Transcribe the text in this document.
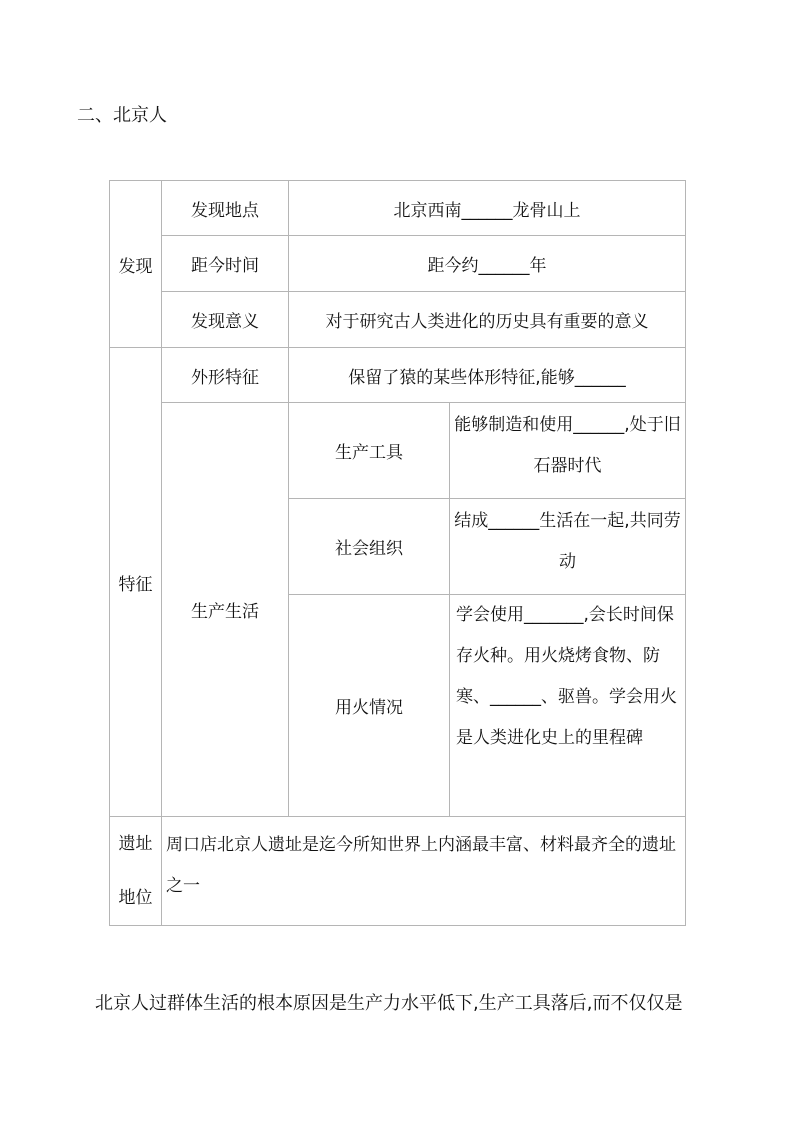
二、北京人
发现	发现地点	北京西南______龙骨山上	
	距今时间	距今约______年	
	发现意义	对于研究古人类进化的历史具有重要的意义	
特征	外形特征	保留了猿的某些体形特征,能够______	
	生产生活	生产工具	能够制造和使用______,处于旧石器时代
		社会组织	结成______生活在一起,共同劳动
		用火情况	学会使用_______,会长时间保存火种。用火烧烤食物、防寒、______、驱兽。学会用火是人类进化史上的里程碑
遗址
地位	周口店北京人遗址是迄今所知世界上内涵最丰富、材料最齐全的遗址之一		
北京人过群体生活的根本原因是生产力水平低下,生产工具落后,而不仅仅是
